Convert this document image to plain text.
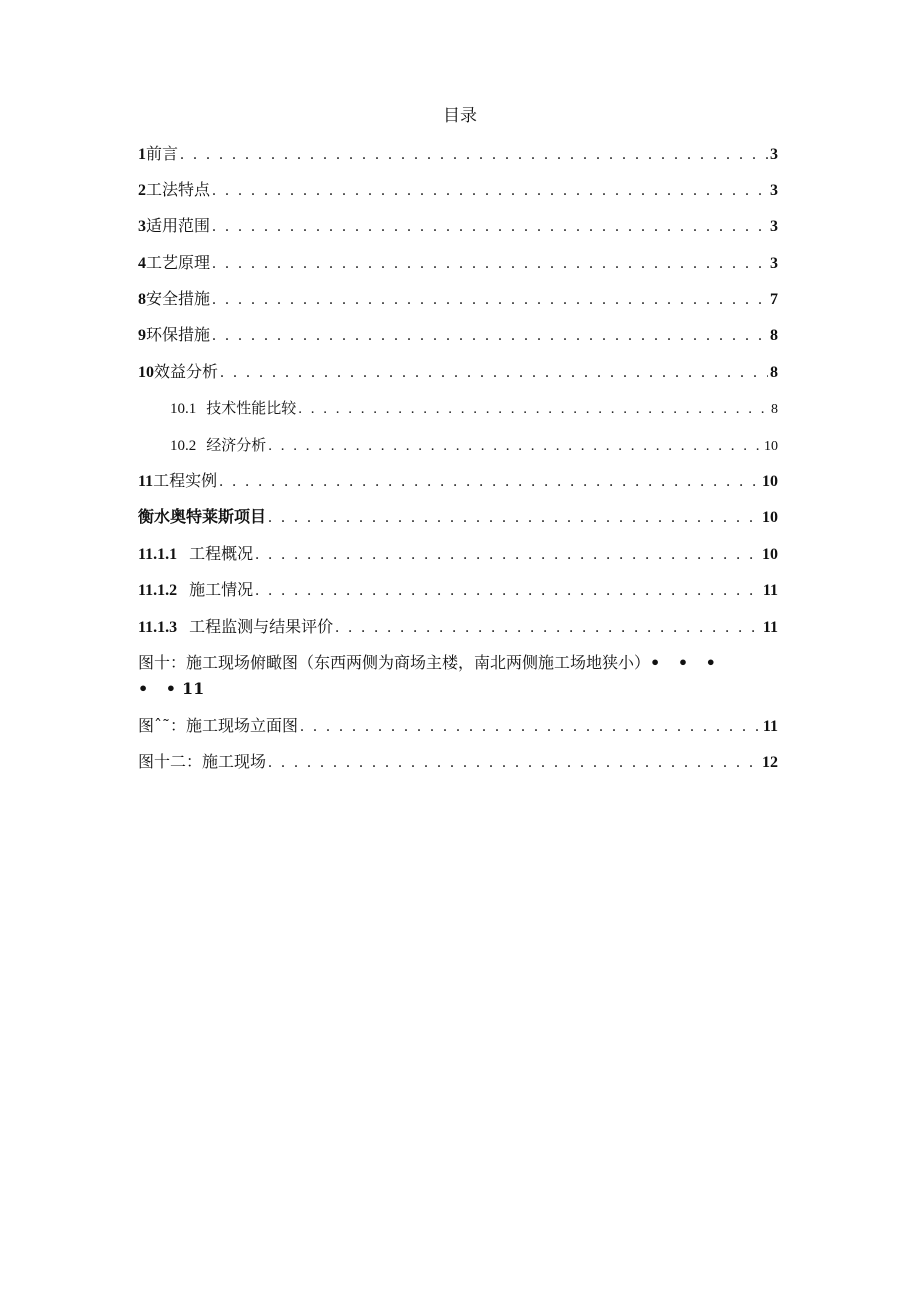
目录
1 前言 . . .	3
2 工法特点 . . .	3
3 适用范围 . . .	3
4 工艺原理 . . .	3
8 安全措施 . . .	7
9 环保措施 . . .	8
10 效益分析 . . .	8
10.1 技术性能比较 . . .	8
10.2 经济分析 . . .	10
11 工程实例 . . .	10
衡水奥特莱斯项目 . . .	10
11.1.1 工程概况 . . .	10
11.1.2 施工情况 . . .	11
11.1.3 工程监测与结果评价 . . .	11
图十：施工现场俯瞰图（东西两侧为商场主楼，南北两侧施工场地狭小）• • •
• •11
图ˆ˜：施工现场立面图 . . .	11
图十二：施工现场 . . .	12
